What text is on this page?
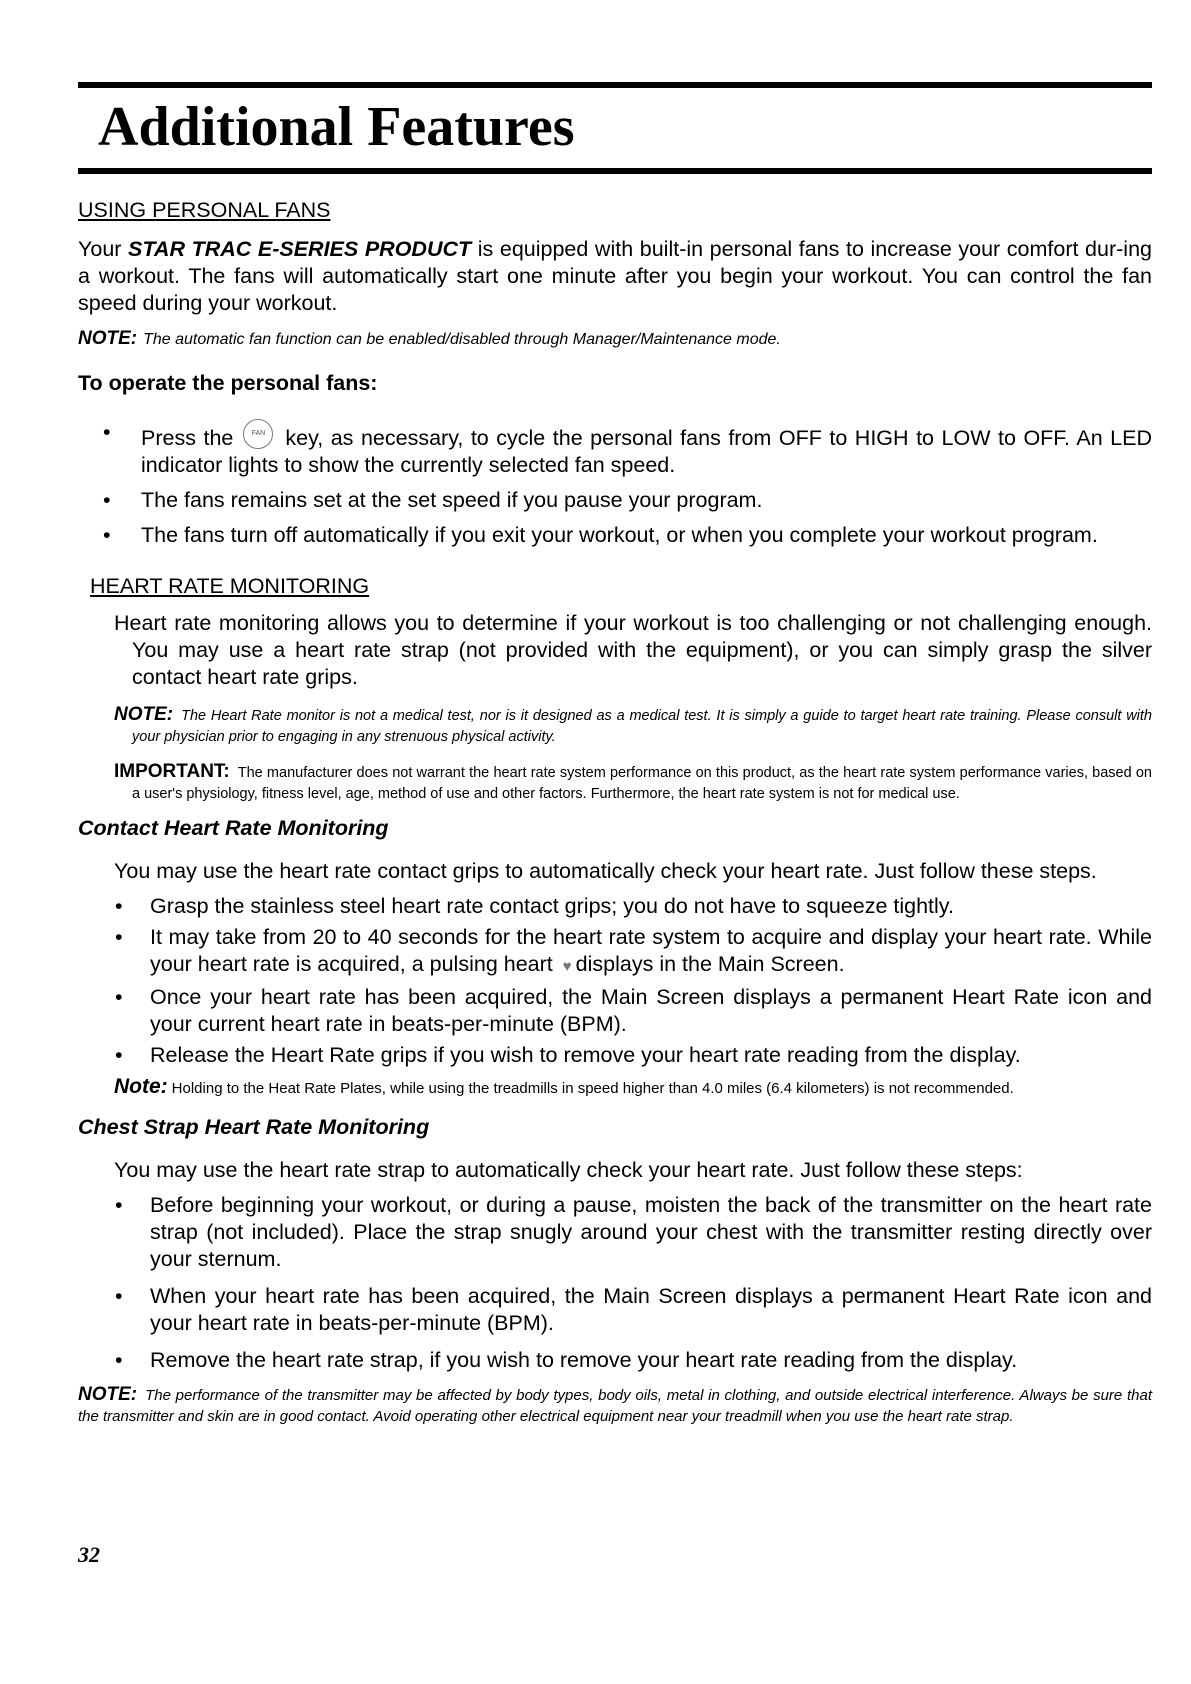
Additional Features
USING PERSONAL FANS

Your STAR TRAC E-SERIES PRODUCT is equipped with built-in personal fans to increase your comfort dur-ing a workout. The fans will automatically start one minute after you begin your workout. You can control the fan speed during your workout.

NOTE: The automatic fan function can be enabled/disabled through Manager/Maintenance mode.

To operate the personal fans:
• Press the	FAN key, as necessary, to cycle the personal fans from OFF to HIGH to LOW to OFF. An LED indicator lights to show the currently selected fan speed.
• The fans remains set at the set speed if you pause your program.
• The fans turn off automatically if you exit your workout, or when you complete your workout program.
HEART RATE MONITORING

Heart rate monitoring allows you to determine if your workout is too challenging or not challenging enough. You may use a heart rate strap (not provided with the equipment), or you can simply grasp the silver contact heart rate grips.

NOTE: The Heart Rate monitor is not a medical test, nor is it designed as a medical test. It is simply a guide to target heart rate training. Please consult with your physician prior to engaging in any strenuous physical activity.

IMPORTANT: The manufacturer does not warrant the heart rate system performance on this product, as the heart rate system performance varies, based on a user's physiology, fitness level, age, method of use and other factors. Furthermore, the heart rate system is not for medical use.

Contact Heart Rate Monitoring

You may use the heart rate contact grips to automatically check your heart rate. Just follow these steps.

• Grasp the stainless steel heart rate contact grips; you do not have to squeeze tightly.
• It may take from 20 to 40 seconds for the heart rate system to acquire and display your heart rate. While your heart rate is acquired, a pulsing heart ♥ displays in the Main Screen.
• Once your heart rate has been acquired, the Main Screen displays a permanent Heart Rate icon and your current heart rate in beats-per-minute (BPM).
• Release the Heart Rate grips if you wish to remove your heart rate reading from the display.

Note: Holding to the Heat Rate Plates, while using the treadmills in speed higher than 4.0 miles (6.4 kilometers) is not recommended.

Chest Strap Heart Rate Monitoring

You may use the heart rate strap to automatically check your heart rate. Just follow these steps:

• Before beginning your workout, or during a pause, moisten the back of the transmitter on the heart rate strap (not included). Place the strap snugly around your chest with the transmitter resting directly over your sternum.
• When your heart rate has been acquired, the Main Screen displays a permanent Heart Rate icon and your heart rate in beats-per-minute (BPM).
• Remove the heart rate strap, if you wish to remove your heart rate reading from the display.

NOTE: The performance of the transmitter may be affected by body types, body oils, metal in clothing, and outside electrical interference. Always be sure that the transmitter and skin are in good contact. Avoid operating other electrical equipment near your treadmill when you use the heart rate strap.

32
